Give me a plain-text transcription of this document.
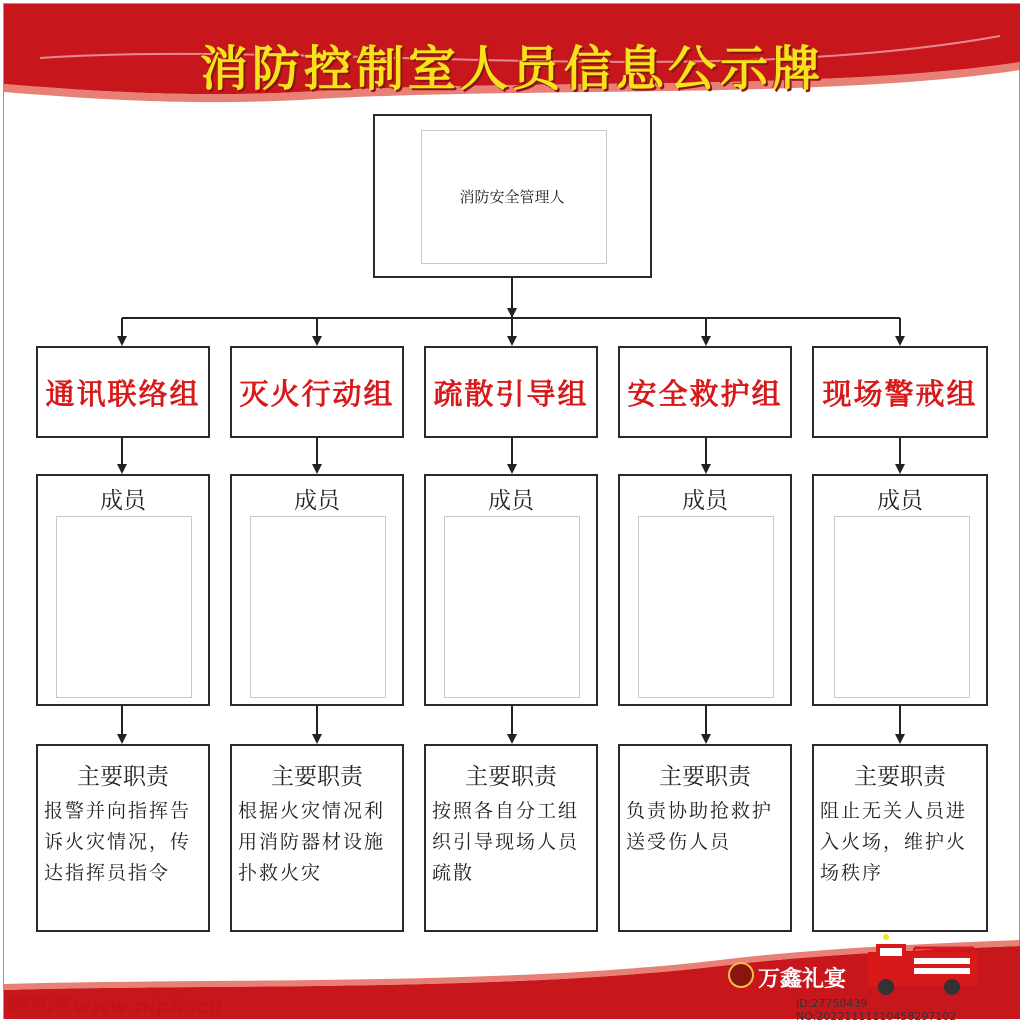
消防控制室人员信息公示牌
消防安全管理人
通讯联络组 灭火行动组 疏散引导组 安全救护组 现场警戒组
成员	成员	成员	成员	成员
主要职责
报警并向指挥告诉火灾情况，传达指挥员指令
主要职责
根据火灾情况利用消防器材设施扑救火灾
主要职责
按照各自分工组织引导现场人员疏散
主要职责
负责协助抢救护送受伤人员
主要职责
阻止无关人员进入火场，维护火场秩序
万鑫礼宴
昵享网 www.nipic.cn	ID:27750439 NO:20221111110458297102
